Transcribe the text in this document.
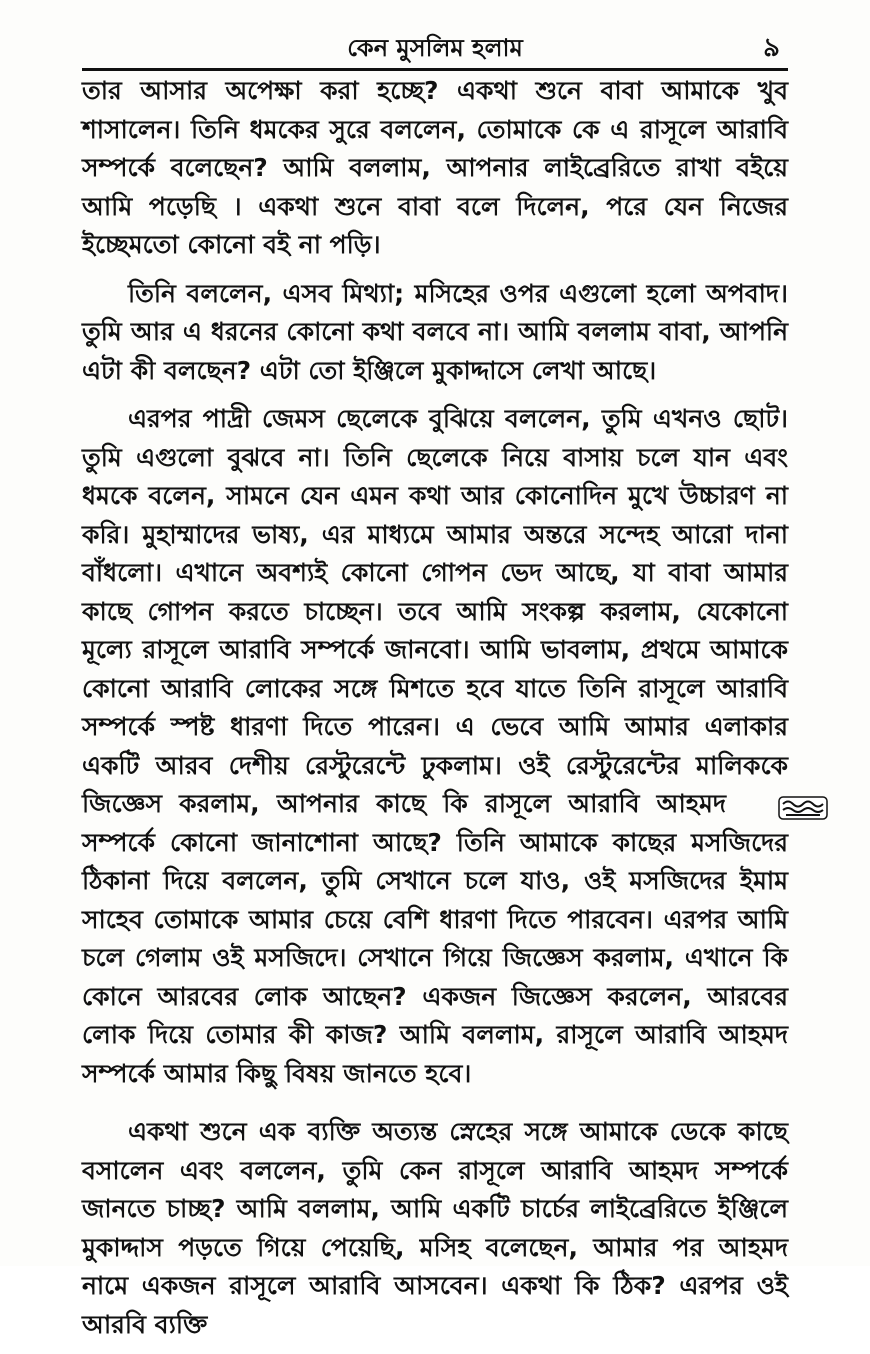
কেন মুসলিম হলাম	৯

তার আসার অপেক্ষা করা হচ্ছে? একথা শুনে বাবা আমাকে খুব শাসালেন। তিনি ধমকের সুরে বললেন, তোমাকে কে এ রাসূলে আরাবি সম্পর্কে বলেছেন? আমি বললাম, আপনার লাইব্রেরিতে রাখা বইয়ে আমি পড়েছি । একথা শুনে বাবা বলে দিলেন, পরে যেন নিজের ইচ্ছেমতো কোনো বই না পড়ি।

তিনি বললেন, এসব মিথ্যা; মসিহের ওপর এগুলো হলো অপবাদ। তুমি আর এ ধরনের কোনো কথা বলবে না। আমি বললাম বাবা, আপনি এটা কী বলছেন? এটা তো ইঞ্জিলে মুকাদ্দাসে লেখা আছে।

এরপর পাদ্রী জেমস ছেলেকে বুঝিয়ে বললেন, তুমি এখনও ছোট। তুমি এগুলো বুঝবে না। তিনি ছেলেকে নিয়ে বাসায় চলে যান এবং ধমকে বলেন, সামনে যেন এমন কথা আর কোনোদিন মুখে উচ্চারণ না করি। মুহাম্মাদের ভাষ্য, এর মাধ্যমে আমার অন্তরে সন্দেহ আরো দানা বাঁধলো। এখানে অবশ্যই কোনো গোপন ভেদ আছে, যা বাবা আমার কাছে গোপন করতে চাচ্ছেন। তবে আমি সংকল্প করলাম, যেকোনো মূল্যে রাসূলে আরাবি সম্পর্কে জানবো। আমি ভাবলাম, প্রথমে আমাকে কোনো আরাবি লোকের সঙ্গে মিশতে হবে যাতে তিনি রাসূলে আরাবি সম্পর্কে স্পষ্ট ধারণা দিতে পারেন। এ ভেবে আমি আমার এলাকার একটি আরব দেশীয় রেস্টুরেন্টে ঢুকলাম। ওই রেস্টুরেন্টের মালিককে জিজ্ঞেস করলাম, আপনার কাছে কি রাসূলে আরাবি আহমদসম্পর্কে কোনো জানাশোনা আছে? তিনি আমাকে কাছের মসজিদের ঠিকানা দিয়ে বললেন, তুমি সেখানে চলে যাও, ওই মসজিদের ইমাম সাহেব তোমাকে আমার চেয়ে বেশি ধারণা দিতে পারবেন। এরপর আমি চলে গেলাম ওই মসজিদে। সেখানে গিয়ে জিজ্ঞেস করলাম, এখানে কি কোনে আরবের লোক আছেন? একজন জিজ্ঞেস করলেন, আরবের লোক দিয়ে তোমার কী কাজ? আমি বললাম, রাসূলে আরাবি আহমদ সম্পর্কে আমার কিছু বিষয় জানতে হবে।

একথা শুনে এক ব্যক্তি অত্যন্ত স্নেহের সঙ্গে আমাকে ডেকে কাছে বসালেন এবং বললেন, তুমি কেন রাসূলে আরাবি আহমদ সম্পর্কে জানতে চাচ্ছ? আমি বললাম, আমি একটি চার্চের লাইব্রেরিতে ইঞ্জিলে মুকাদ্দাস পড়তে গিয়ে পেয়েছি, মসিহ বলেছেন, আমার পর আহমদ নামে একজন রাসূলে আরাবি আসবেন। একথা কি ঠিক? এরপর ওই আরবি ব্যক্তি
